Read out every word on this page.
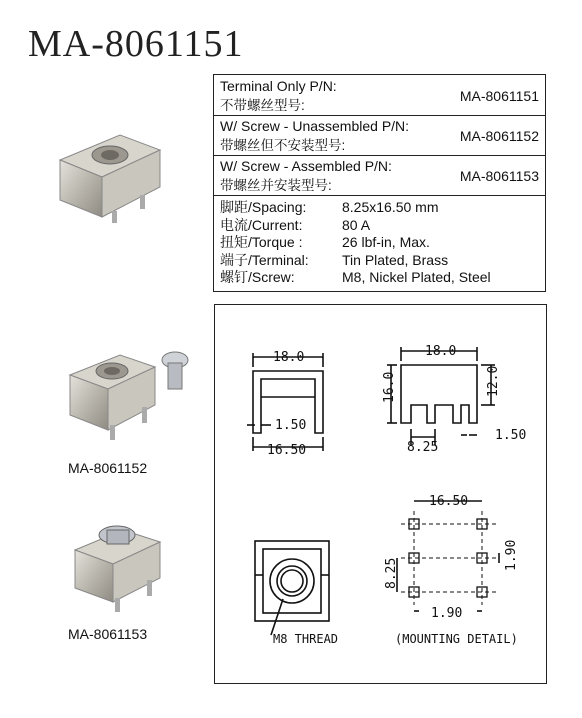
MA-8061151
Terminal Only P/N:
不带螺丝型号:
MA-8061151
W/ Screw - Unassembled P/N:
带螺丝但不安装型号:
MA-8061152
W/ Screw - Assembled P/N:
带螺丝并安装型号:
MA-8061153
脚距/Spacing:	8.25x16.50 mm
电流/Current:	80 A
扭矩/Torque :	26 lbf-in, Max.
端子/Terminal: Tin Plated, Brass
螺钉/Screw:	M8, Nickel Plated, Steel
MA-8061152
MA-8061153
18.0
1.50
16.50
18.0
16.0	12.0
8.25
1.50
16.50
8.25
1.90
1.90
M8 THREAD	(MOUNTING DETAIL)
